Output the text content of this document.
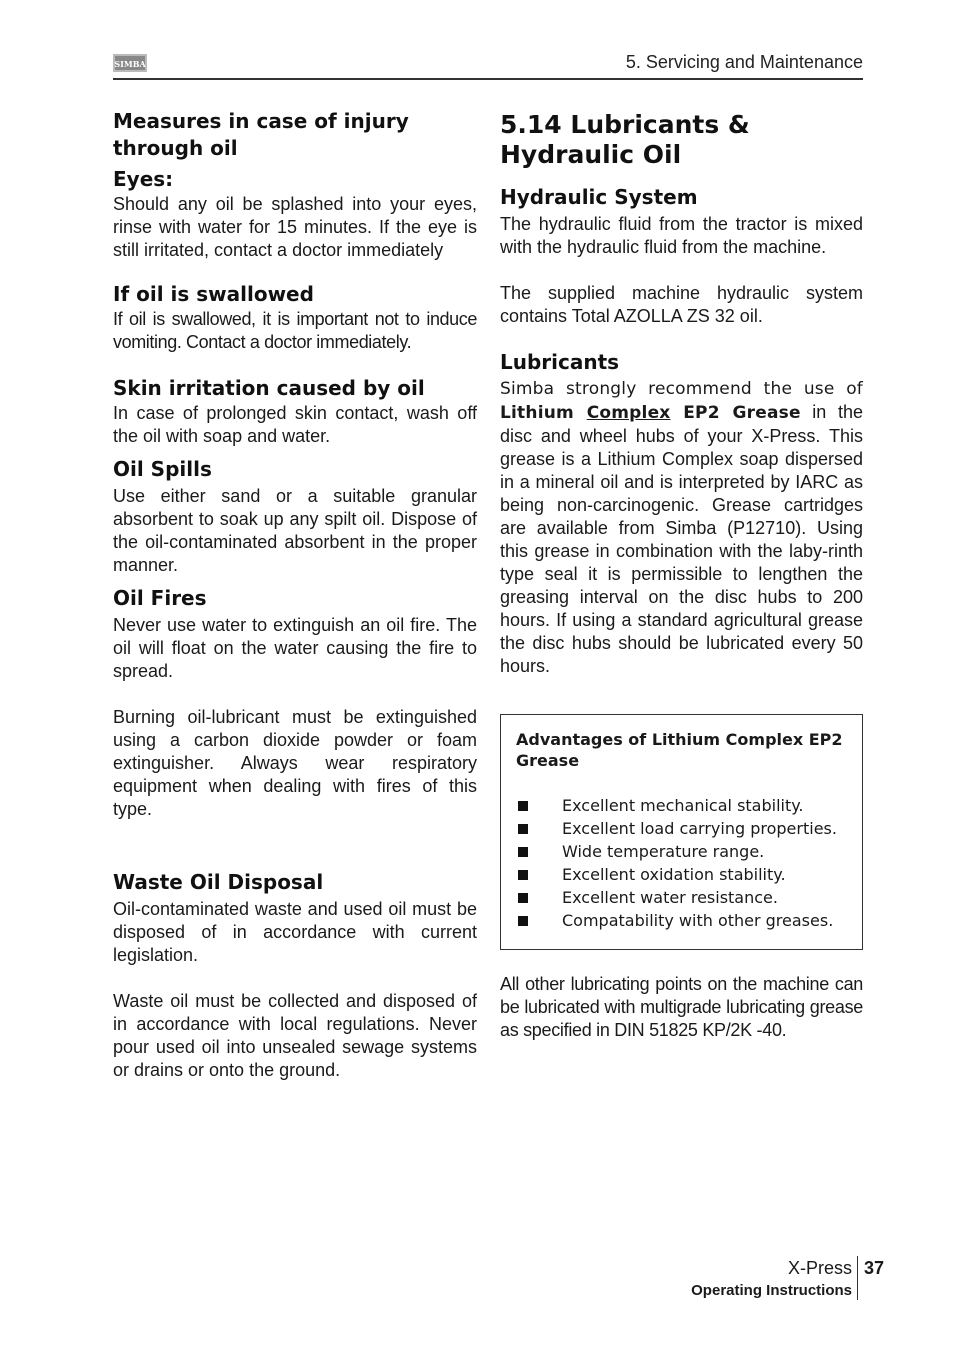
SIMBA	5. Servicing and Maintenance
Measures in case of injury through oil
Eyes:

Should any oil be splashed into your eyes, rinse with water for 15 minutes. If the eye is still irritated, contact a doctor immediately

If oil is swallowed

If oil is swallowed, it is important not to induce vomiting. Contact a doctor immediately.

Skin irritation caused by oil

In case of prolonged skin contact, wash off the oil with soap and water.

Oil Spills

Use either sand or a suitable granular absorbent to soak up any spilt oil. Dispose of the oil-contaminated absorbent in the proper manner.

Oil Fires

Never use water to extinguish an oil fire. The oil will float on the water causing the fire to spread.

Burning oil-lubricant must be extinguished using a carbon dioxide powder or foam extinguisher. Always wear respiratory equipment when dealing with fires of this type.

Waste Oil Disposal

Oil-contaminated waste and used oil must be disposed of in accordance with current legislation.

Waste oil must be collected and disposed of in accordance with local regulations. Never pour used oil into unsealed sewage systems or drains or onto the ground.

5.14 Lubricants & Hydraulic Oil
Hydraulic System

The hydraulic fluid from the tractor is mixed with the hydraulic fluid from the machine.

The supplied machine hydraulic system contains Total AZOLLA ZS 32 oil.

Lubricants

Simba strongly recommend the use of Lithium Complex EP2 Grease in the disc and wheel hubs of your X-Press. This grease is a Lithium Complex soap dispersed in a mineral oil and is interpreted by IARC as being non-carcinogenic. Grease cartridges are available from Simba (P12710). Using this grease in combination with the laby-rinth type seal it is permissible to lengthen the greasing interval on the disc hubs to 200 hours. If using a standard agricultural grease the disc hubs should be lubricated every 50 hours.

Advantages of Lithium Complex EP2 Grease
Excellent mechanical stability.
Excellent load carrying properties.
Wide temperature range.
Excellent oxidation stability.
Excellent water resistance.
Compatability with other greases.

All other lubricating points on the machine can be lubricated with multigrade lubricating grease as specified in DIN 51825 KP/2K -40.

X-Press
Operating Instructions
37
